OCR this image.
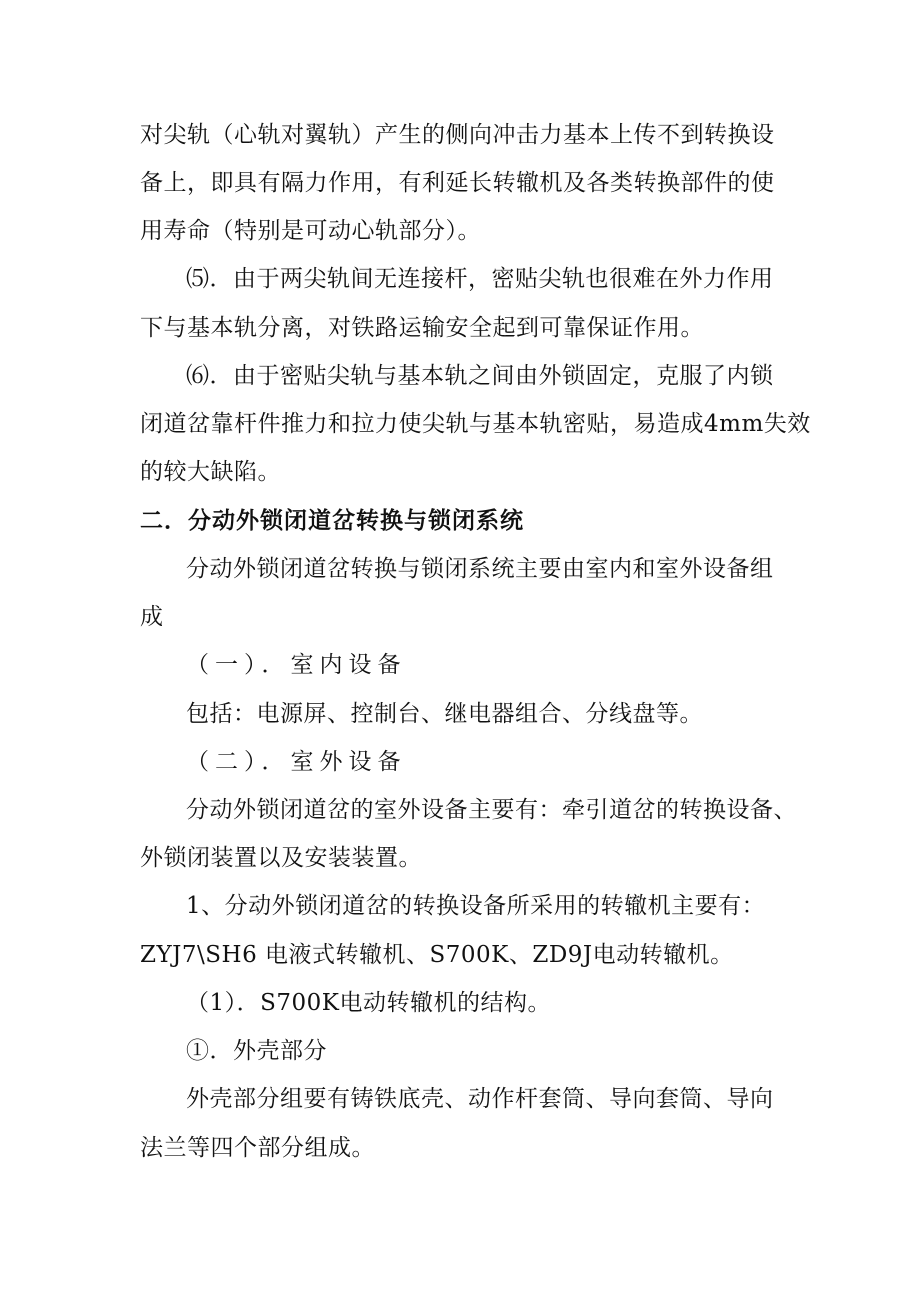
对尖轨（心轨对翼轨）产生的侧向冲击力基本上传不到转换设
备上，即具有隔力作用，有利延长转辙机及各类转换部件的使
用寿命（特别是可动心轨部分）。
⑸．由于两尖轨间无连接杆，密贴尖轨也很难在外力作用
下与基本轨分离，对铁路运输安全起到可靠保证作用。
⑹．由于密贴尖轨与基本轨之间由外锁固定，克服了内锁
闭道岔靠杆件推力和拉力使尖轨与基本轨密贴，易造成4mm失效
的较大缺陷。
二．分动外锁闭道岔转换与锁闭系统
分动外锁闭道岔转换与锁闭系统主要由室内和室外设备组
成
（一）．室内设备
包括：电源屏、控制台、继电器组合、分线盘等。
（二）．室外设备
分动外锁闭道岔的室外设备主要有：牵引道岔的转换设备、
外锁闭装置以及安装装置。
1、分动外锁闭道岔的转换设备所采用的转辙机主要有：
ZYJ7\SH6 电液式转辙机、S700K、ZD9J电动转辙机。
（1）．S700K电动转辙机的结构。
①．外壳部分
外壳部分组要有铸铁底壳、动作杆套筒、导向套筒、导向
法兰等四个部分组成。
